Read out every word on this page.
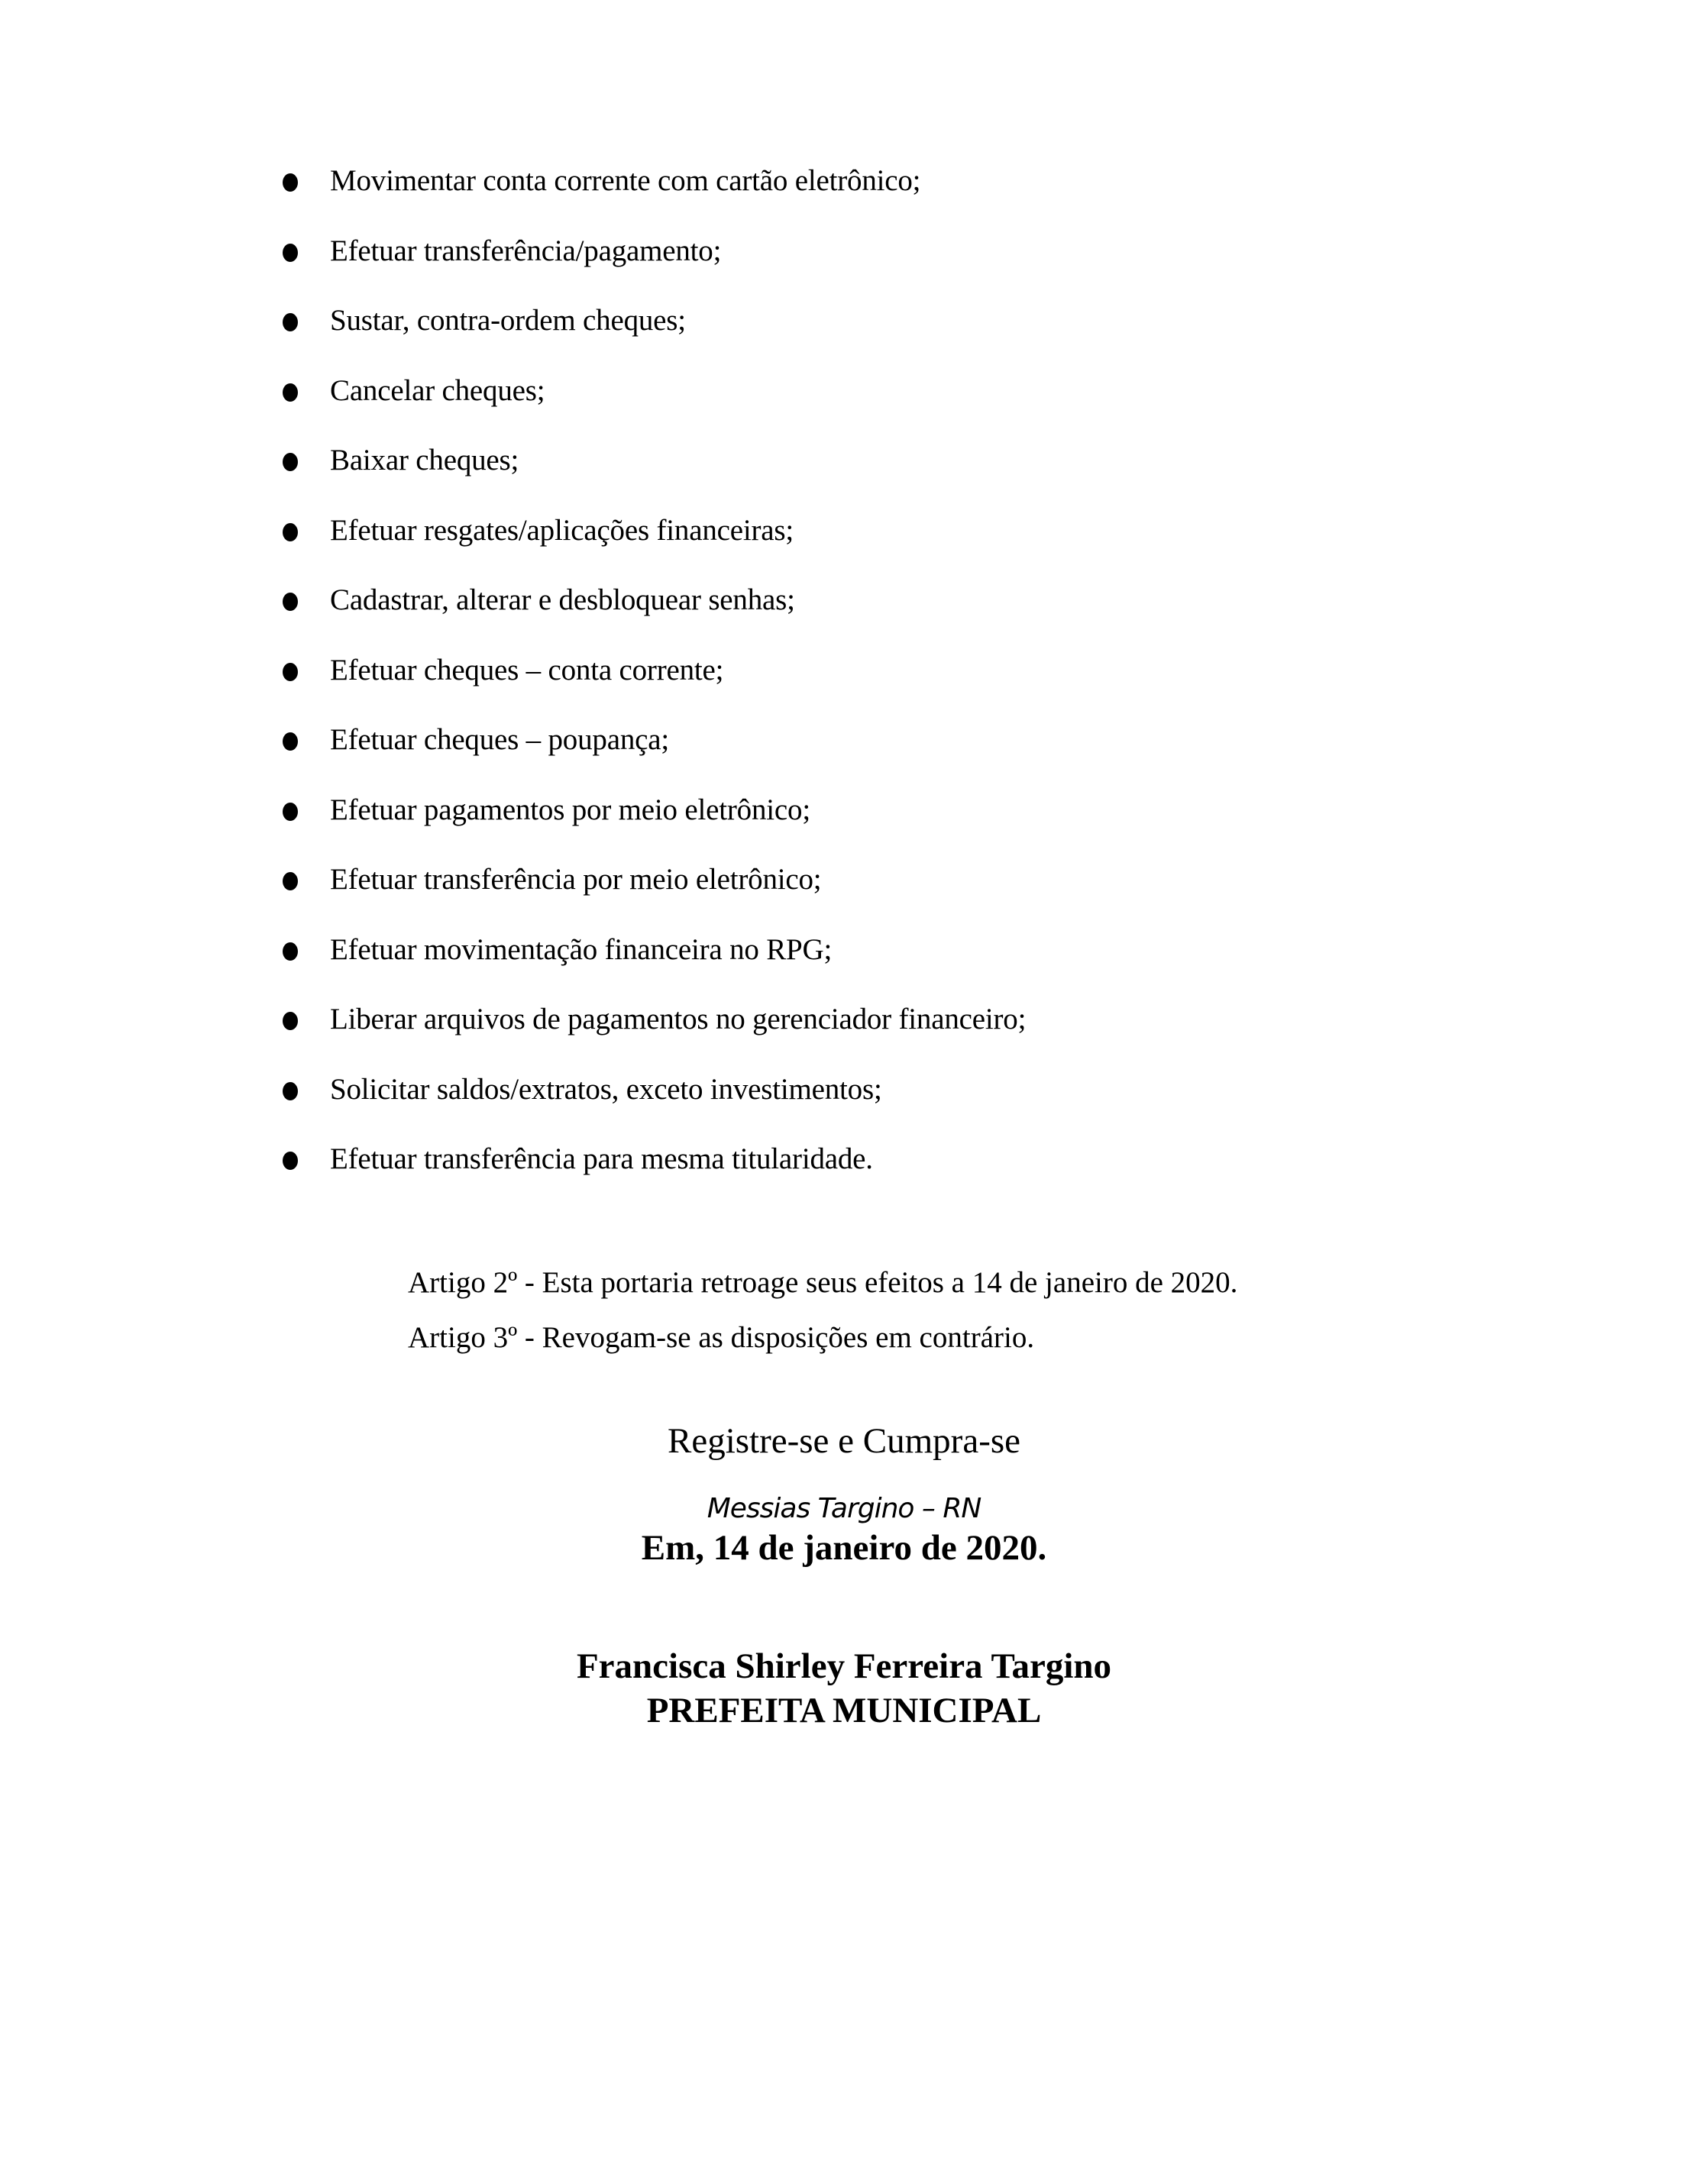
Movimentar conta corrente com cartão eletrônico;
Efetuar transferência/pagamento;
Sustar, contra-ordem cheques;
Cancelar cheques;
Baixar cheques;
Efetuar resgates/aplicações financeiras;
Cadastrar, alterar e desbloquear senhas;
Efetuar cheques – conta corrente;
Efetuar cheques – poupança;
Efetuar pagamentos por meio eletrônico;
Efetuar transferência por meio eletrônico;
Efetuar movimentação financeira no RPG;
Liberar arquivos de pagamentos no gerenciador financeiro;
Solicitar saldos/extratos, exceto investimentos;
Efetuar transferência para mesma titularidade.
Artigo 2º - Esta portaria retroage seus efeitos a 14 de janeiro de 2020.
Artigo 3º - Revogam-se as disposições em contrário.
Registre-se e Cumpra-se
Messias Targino – RN
Em, 14 de janeiro de 2020.
Francisca Shirley Ferreira Targino
PREFEITA MUNICIPAL
